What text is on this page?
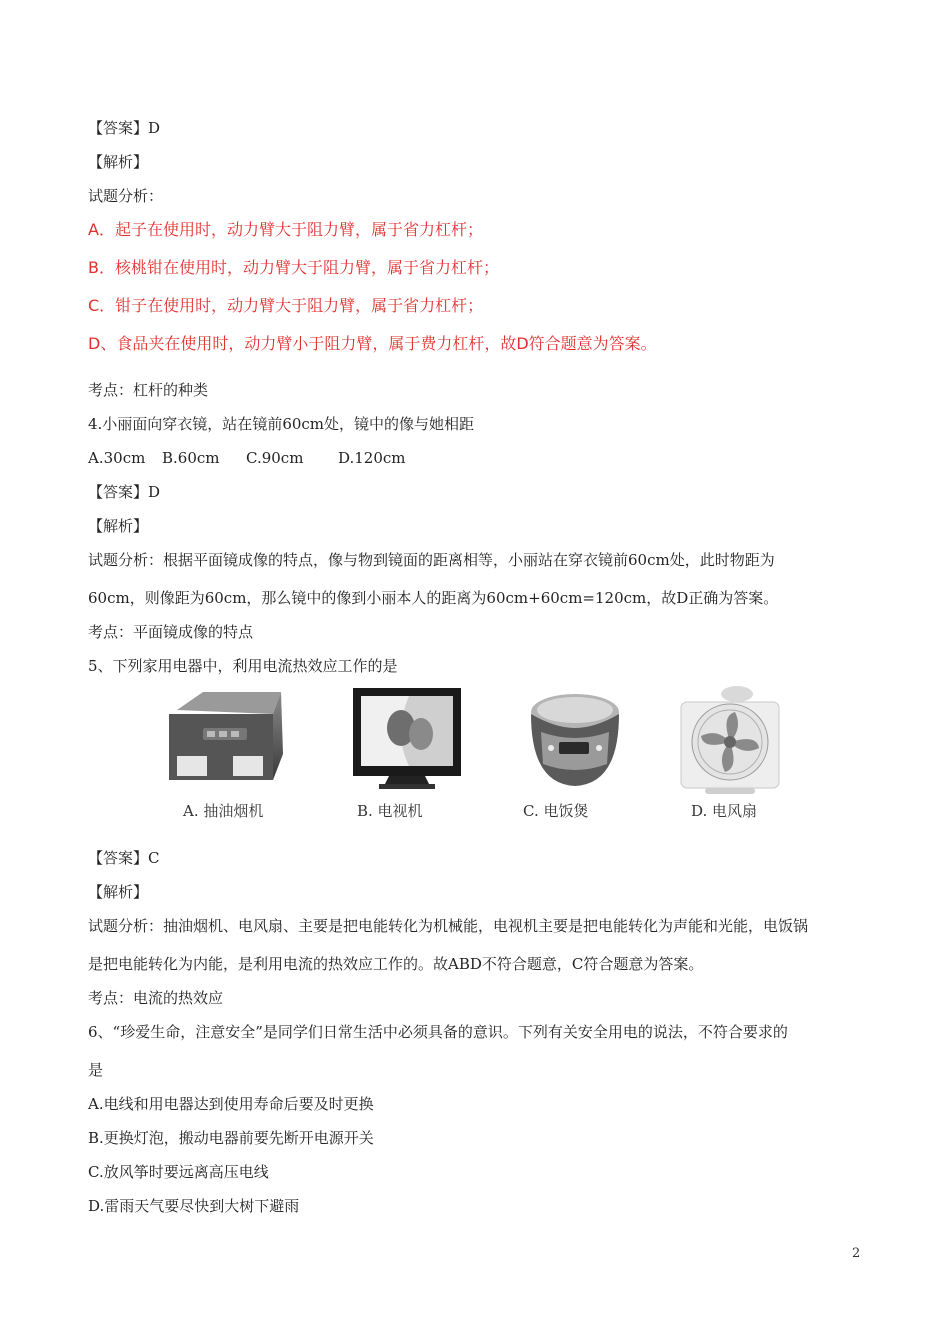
【答案】D
【解析】
试题分析：
A．起子在使用时，动力臂大于阻力臂，属于省力杠杆；
B．核桃钳在使用时，动力臂大于阻力臂，属于省力杠杆；
C．钳子在使用时，动力臂大于阻力臂，属于省力杠杆；
D、食品夹在使用时，动力臂小于阻力臂，属于费力杠杆，故D符合题意为答案。
考点：杠杆的种类
4.小丽面向穿衣镜，站在镜前60cm处，镜中的像与她相距
A.30cm B.60cm C.90cm D.120cm
【答案】D
【解析】
试题分析：根据平面镜成像的特点，像与物到镜面的距离相等，小丽站在穿衣镜前60cm处，此时物距为
60cm，则像距为60cm，那么镜中的像到小丽本人的距离为60cm+60cm=120cm，故D正确为答案。
考点：平面镜成像的特点
5、下列家用电器中，利用电流热效应工作的是
A. 抽油烟机	B. 电视机	C. 电饭煲	D. 电风扇
【答案】C
【解析】
试题分析：抽油烟机、电风扇、主要是把电能转化为机械能，电视机主要是把电能转化为声能和光能，电饭锅
是把电能转化为内能，是利用电流的热效应工作的。故ABD不符合题意，C符合题意为答案。
考点：电流的热效应
6、“珍爱生命，注意安全”是同学们日常生活中必须具备的意识。下列有关安全用电的说法，不符合要求的
是
A.电线和用电器达到使用寿命后要及时更换
B.更换灯泡，搬动电器前要先断开电源开关
C.放风筝时要远离高压电线
D.雷雨天气要尽快到大树下避雨
2
